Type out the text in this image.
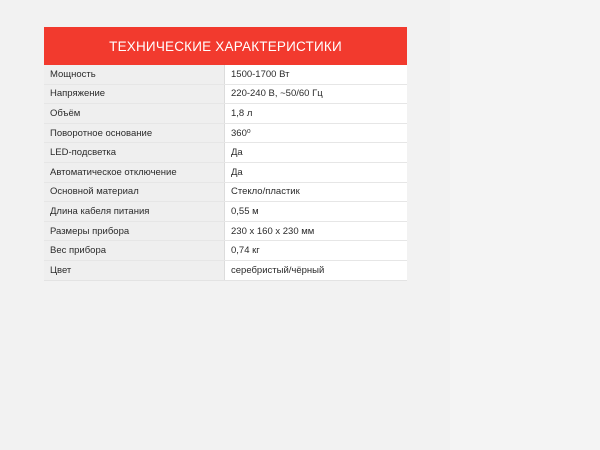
ТЕХНИЧЕСКИЕ ХАРАКТЕРИСТИКИ
Мощность	1500-1700 Вт
Напряжение	220-240 В, ~50/60 Гц
Объём	1,8 л
Поворотное основание	360⁰
LED-подсветка	Да
Автоматическое отключение	Да
Основной материал	Стекло/пластик
Длина кабеля питания	0,55 м
Размеры прибора	230 х 160 х 230 мм
Вес прибора	0,74 кг
Цвет	серебристый/чёрный
